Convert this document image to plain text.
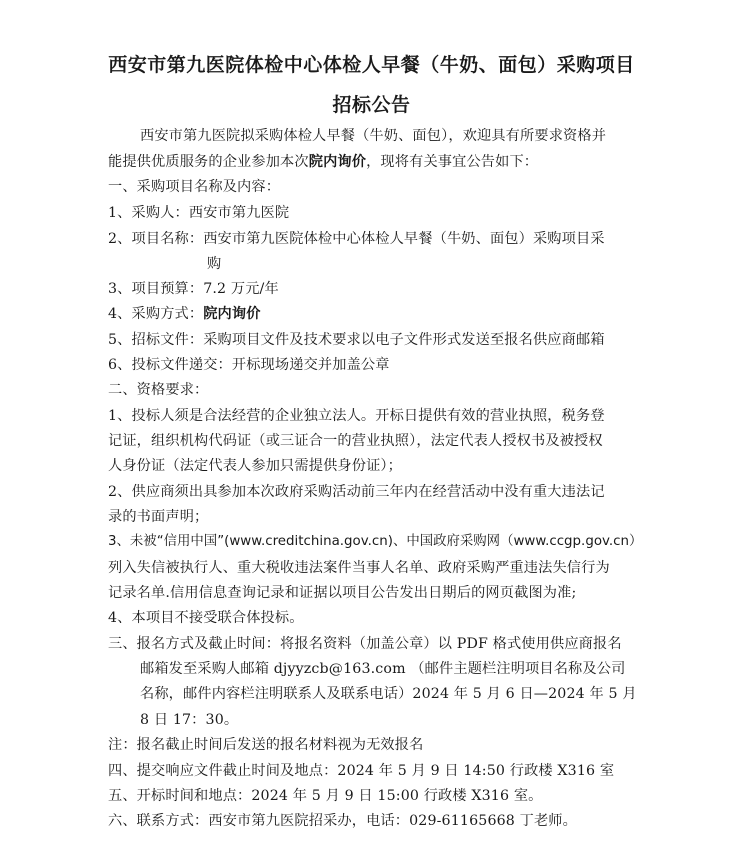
西安市第九医院体检中心体检人早餐（牛奶、面包）采购项目
招标公告
西安市第九医院拟采购体检人早餐（牛奶、面包），欢迎具有所要求资格并
能提供优质服务的企业参加本次院内询价，现将有关事宜公告如下：
一、采购项目名称及内容：
1、采购人：西安市第九医院
2、项目名称：西安市第九医院体检中心体检人早餐（牛奶、面包）采购项目采
购
3、项目预算：7.2 万元/年
4、采购方式：院内询价
5、招标文件：采购项目文件及技术要求以电子文件形式发送至报名供应商邮箱
6、投标文件递交：开标现场递交并加盖公章
二、资格要求：
1、投标人须是合法经营的企业独立法人。开标日提供有效的营业执照，税务登
记证，组织机构代码证（或三证合一的营业执照），法定代表人授权书及被授权
人身份证（法定代表人参加只需提供身份证）；
2、供应商须出具参加本次政府采购活动前三年内在经营活动中没有重大违法记
录的书面声明；
3、未被“信用中国”(www.creditchina.gov.cn)、中国政府采购网（www.ccgp.gov.cn）
列入失信被执行人、重大税收违法案件当事人名单、政府采购严重违法失信行为
记录名单.信用信息查询记录和证据以项目公告发出日期后的网页截图为准;
4、本项目不接受联合体投标。
三、报名方式及截止时间：将报名资料（加盖公章）以 PDF 格式使用供应商报名
邮箱发至采购人邮箱 djyyzcb@163.com （邮件主题栏注明项目名称及公司
名称，邮件内容栏注明联系人及联系电话）2024 年 5 月 6 日—2024 年 5 月
8 日 17：30。
注：报名截止时间后发送的报名材料视为无效报名
四、提交响应文件截止时间及地点：2024 年 5 月 9 日 14:50 行政楼 X316 室
五、开标时间和地点：2024 年 5 月 9 日 15:00 行政楼 X316 室。
六、联系方式：西安市第九医院招采办，电话：029-61165668 丁老师。
